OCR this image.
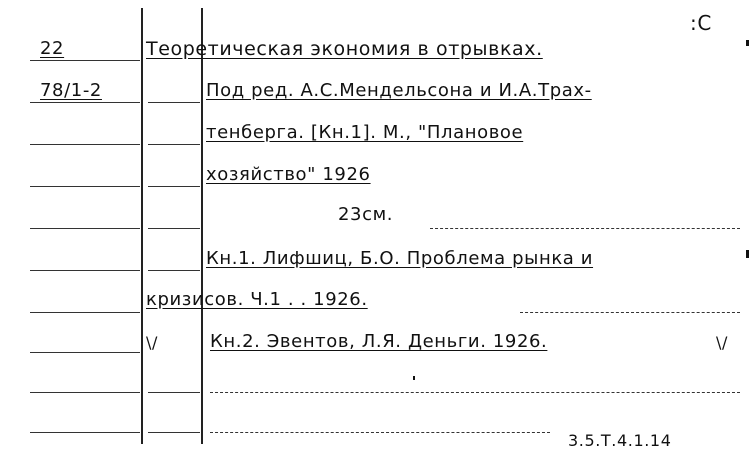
22
78/1-2
:С
Теоретическая экономия в отрывках.
Под ред. А.С.Мендельсона и И.А.Трах-
тенберга. [Кн.1]. М., "Плановое
хозяйство" 1926
23см.
Кн.1. Лифшиц, Б.О. Проблема рынка и
кризисов. Ч.1 . . 1926.
\/	Кн.2. Эвентов, Л.Я. Деньги. 1926.	\/
3.5.Т.4.1.14
